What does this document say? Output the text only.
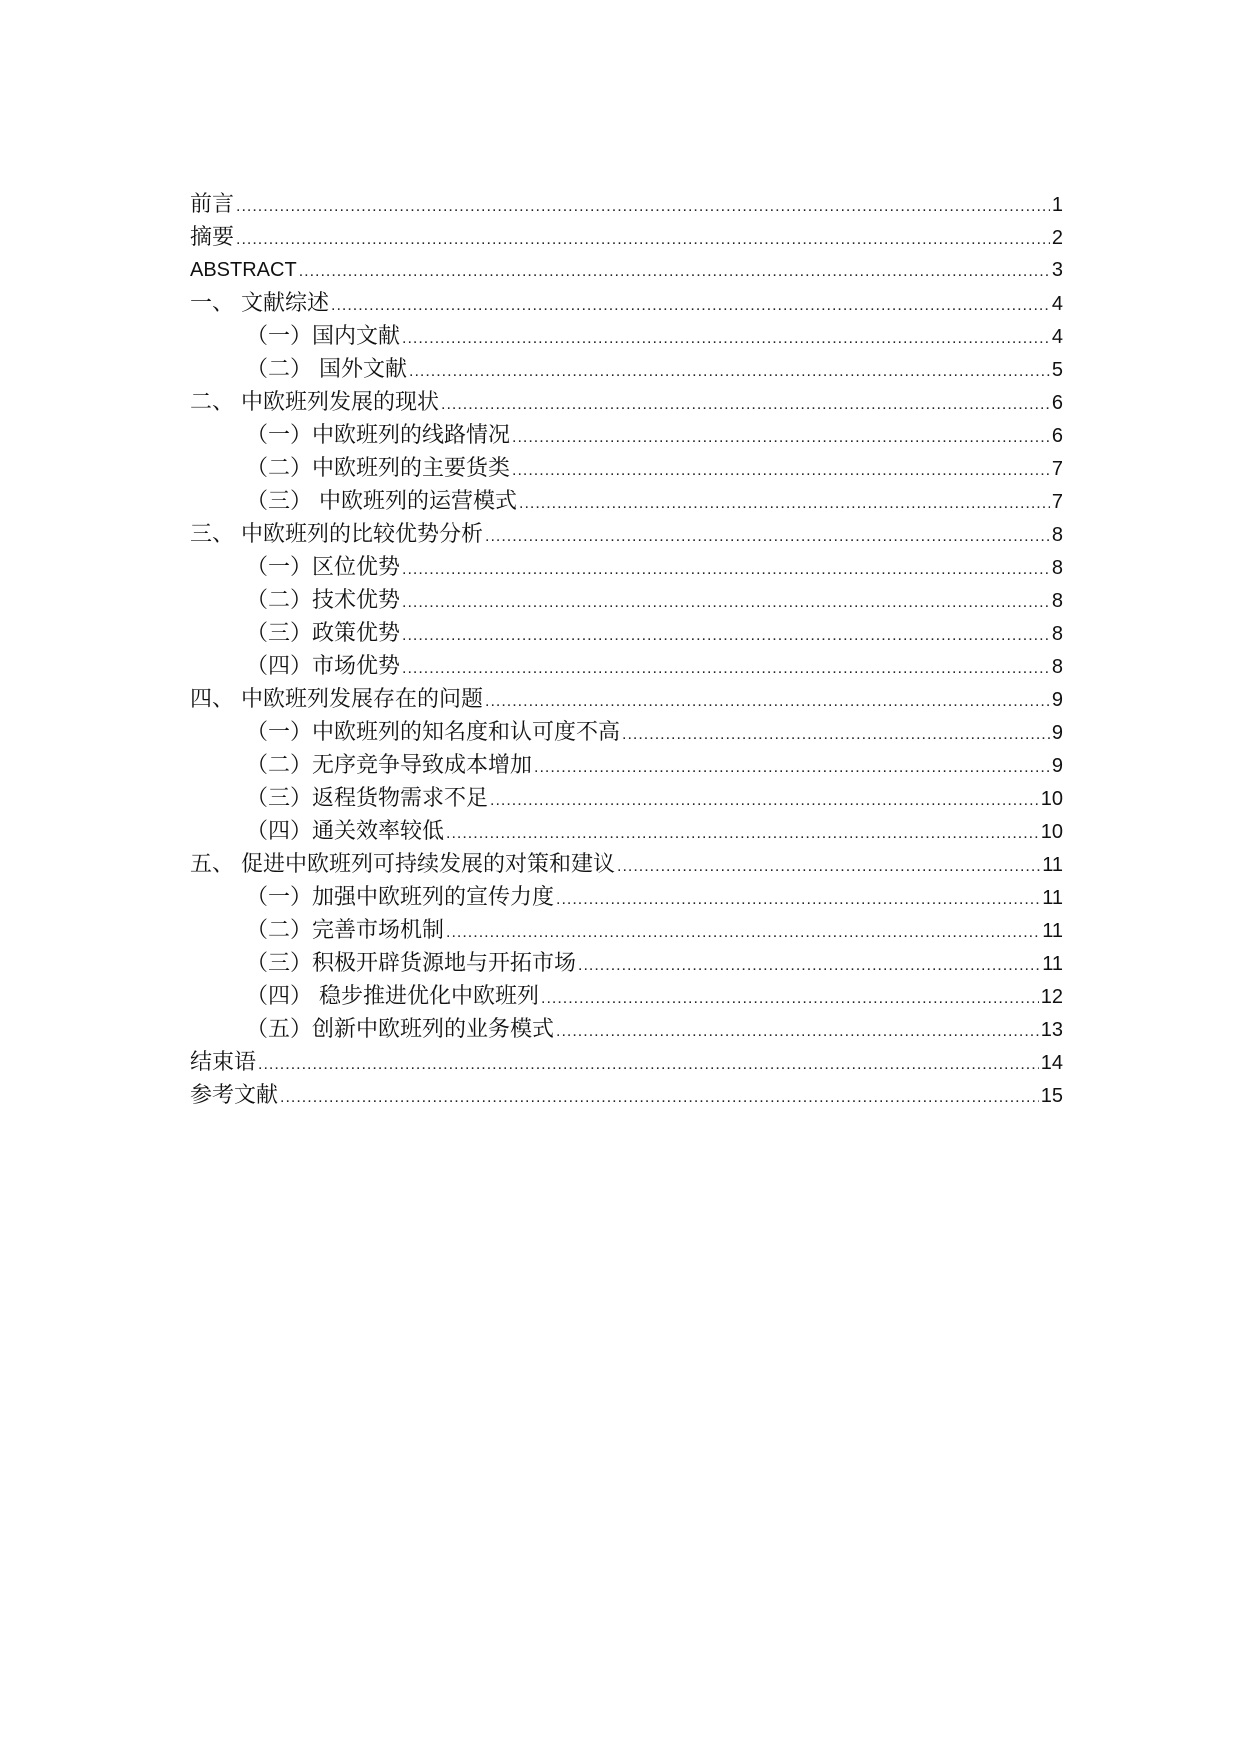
前言 .....	1
摘要 .....	2
ABSTRACT .....	3
一、 文献综述 .....	4
（一）国内文献 .....	4
（二） 国外文献 .....	5
二、 中欧班列发展的现状 .....	6
（一）中欧班列的线路情况 .....	6
（二）中欧班列的主要货类 .....	7
（三） 中欧班列的运营模式 .....	7
三、 中欧班列的比较优势分析 .....	8
（一）区位优势 .....	8
（二）技术优势 .....	8
（三）政策优势 .....	8
（四）市场优势 .....	8
四、 中欧班列发展存在的问题 .....	9
（一）中欧班列的知名度和认可度不高 .....	9
（二）无序竞争导致成本增加 .....	9
（三）返程货物需求不足 .....	10
（四）通关效率较低 .....	10
五、 促进中欧班列可持续发展的对策和建议 .....	11
（一）加强中欧班列的宣传力度 .....	11
（二）完善市场机制 .....	11
（三）积极开辟货源地与开拓市场 .....	11
（四） 稳步推进优化中欧班列 .....	12
（五）创新中欧班列的业务模式 .....	13
结束语 .....	14
参考文献 .....	15
